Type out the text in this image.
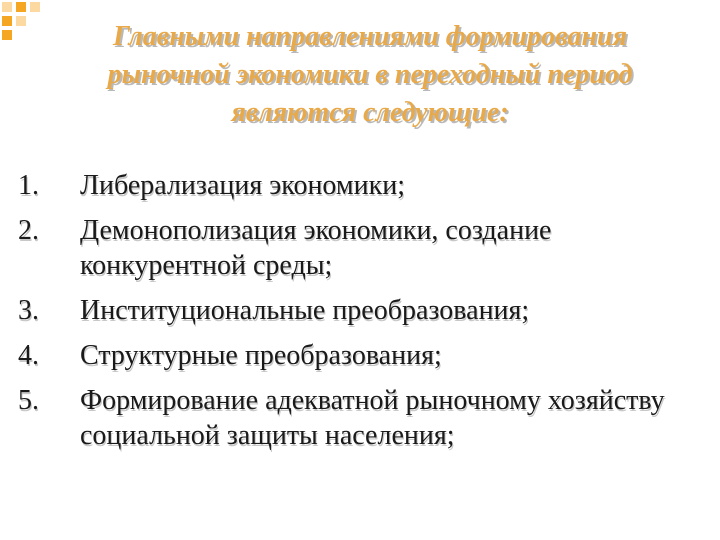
Главными направлениями формирования
рыночной экономики в переходный период
являются следующие:
1.	Либерализация экономики;
2.	Демонополизация экономики, создание конкурентной среды;
3.	Институциональные преобразования;
4.	Структурные преобразования;
5.	Формирование адекватной рыночному хозяйству социальной защиты населения;
